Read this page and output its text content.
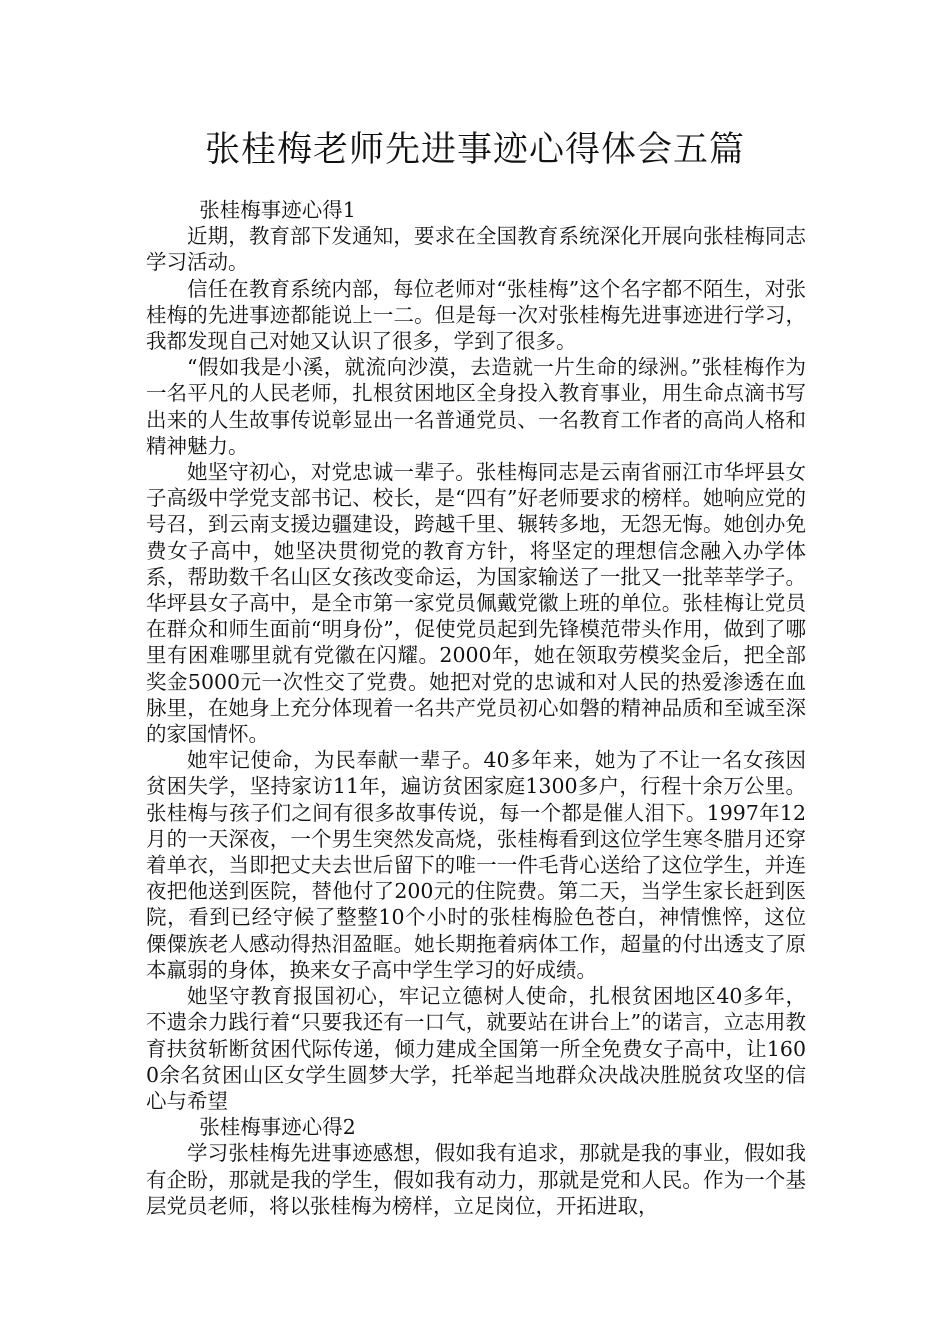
张桂梅老师先进事迹心得体会五篇

张桂梅事迹心得1

近期，教育部下发通知，要求在全国教育系统深化开展向张桂梅同志学习活动。

信任在教育系统内部，每位老师对“张桂梅”这个名字都不陌生，对张桂梅的先进事迹都能说上一二。但是每一次对张桂梅先进事迹进行学习，我都发现自己对她又认识了很多，学到了很多。

“假如我是小溪，就流向沙漠，去造就一片生命的绿洲。”张桂梅作为一名平凡的人民老师，扎根贫困地区全身投入教育事业，用生命点滴书写出来的人生故事传说彰显出一名普通党员、一名教育工作者的高尚人格和精神魅力。

她坚守初心，对党忠诚一辈子。张桂梅同志是云南省丽江市华坪县女子高级中学党支部书记、校长，是“四有”好老师要求的榜样。她响应党的号召，到云南支援边疆建设，跨越千里、辗转多地，无怨无悔。她创办免费女子高中，她坚决贯彻党的教育方针，将坚定的理想信念融入办学体系，帮助数千名山区女孩改变命运，为国家输送了一批又一批莘莘学子。华坪县女子高中，是全市第一家党员佩戴党徽上班的单位。张桂梅让党员在群众和师生面前“明身份”，促使党员起到先锋模范带头作用，做到了哪里有困难哪里就有党徽在闪耀。2000年，她在领取劳模奖金后，把全部奖金5000元一次性交了党费。她把对党的忠诚和对人民的热爱渗透在血脉里，在她身上充分体现着一名共产党员初心如磐的精神品质和至诚至深的家国情怀。

她牢记使命，为民奉献一辈子。40多年来，她为了不让一名女孩因贫困失学，坚持家访11年，遍访贫困家庭1300多户，行程十余万公里。张桂梅与孩子们之间有很多故事传说，每一个都是催人泪下。1997年12月的一天深夜，一个男生突然发高烧，张桂梅看到这位学生寒冬腊月还穿着单衣，当即把丈夫去世后留下的唯一一件毛背心送给了这位学生，并连夜把他送到医院，替他付了200元的住院费。第二天，当学生家长赶到医院，看到已经守候了整整10个小时的张桂梅脸色苍白，神情憔悴，这位傈僳族老人感动得热泪盈眶。她长期拖着病体工作，超量的付出透支了原本羸弱的身体，换来女子高中学生学习的好成绩。

她坚守教育报国初心，牢记立德树人使命，扎根贫困地区40多年，不遗余力践行着“只要我还有一口气，就要站在讲台上”的诺言，立志用教育扶贫斩断贫困代际传递，倾力建成全国第一所全免费女子高中，让1600余名贫困山区女学生圆梦大学，托举起当地群众决战决胜脱贫攻坚的信心与希望

张桂梅事迹心得2

学习张桂梅先进事迹感想，假如我有追求，那就是我的事业，假如我有企盼，那就是我的学生，假如我有动力，那就是党和人民。作为一个基层党员老师，将以张桂梅为榜样，立足岗位，开拓进取，
